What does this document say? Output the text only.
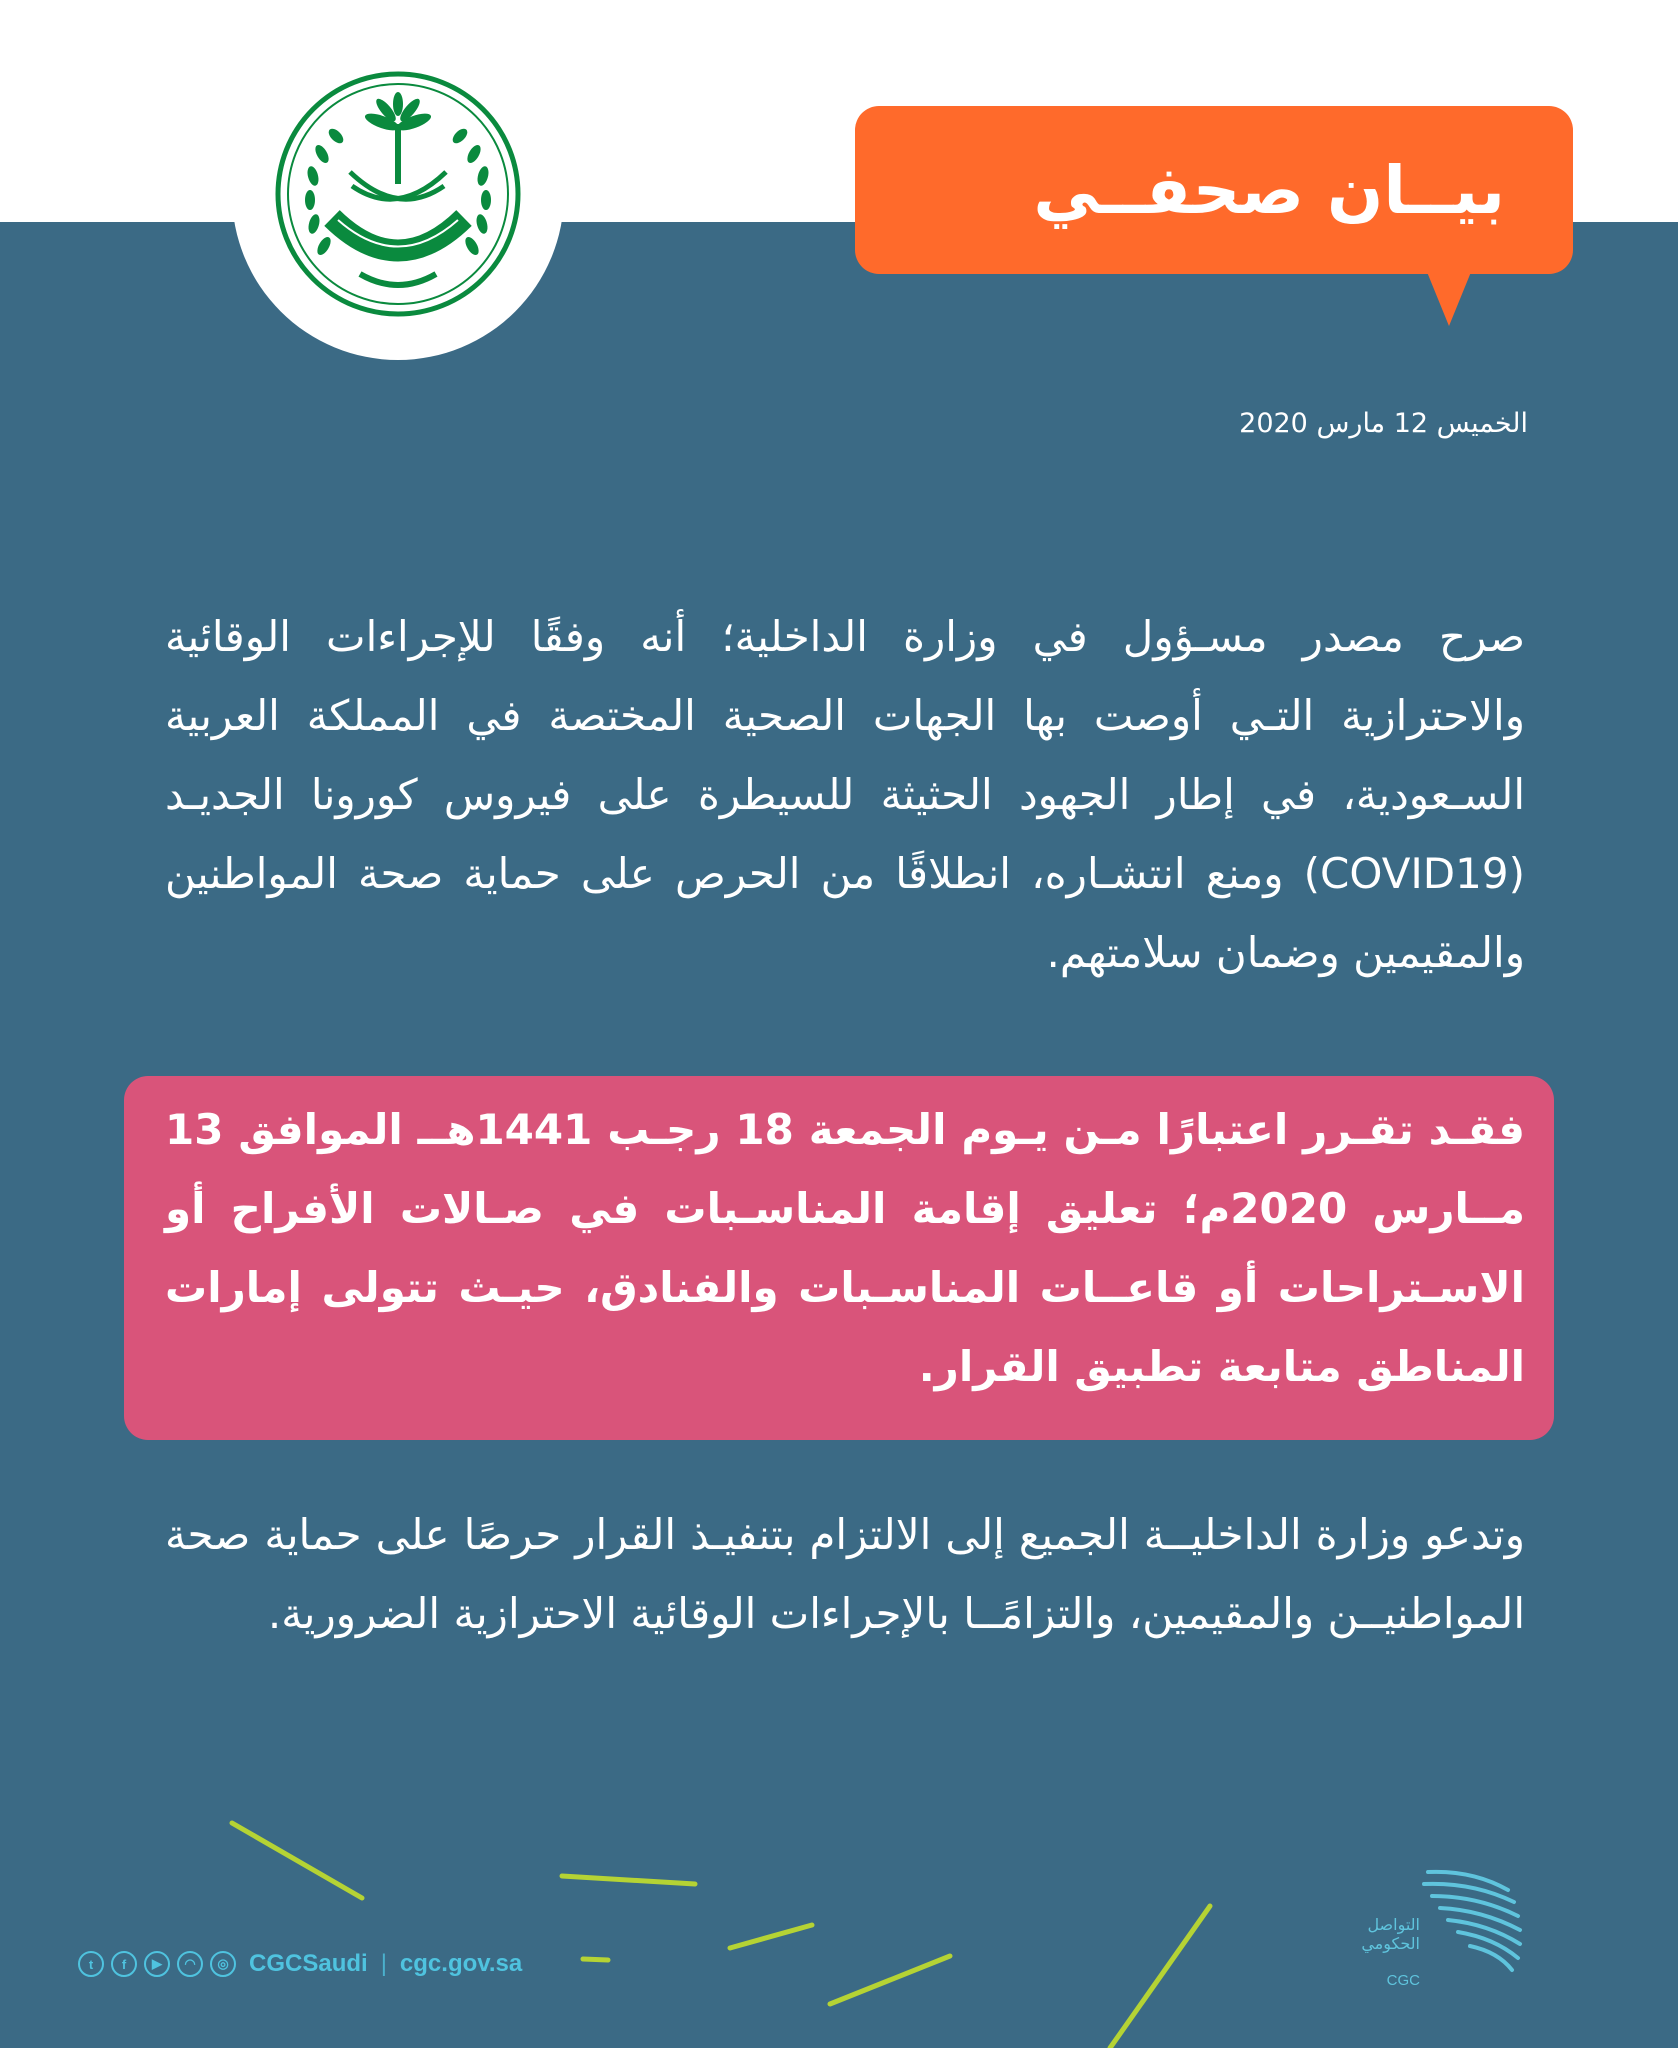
بيــان صحفــي
الخميس 12 مارس 2020

صرح مصدر مسـؤول في وزارة الداخلية؛ أنه وفقًا للإجراءات الوقائية والاحترازية التـي أوصت بها الجهات الصحية المختصة في المملكة العربية السـعودية، في إطار الجهود الحثيثة للسيطرة على فيروس كورونا الجديـد (COVID19) ومنع انتشـاره، انطلاقًا من الحرص على حماية صحة المواطنين والمقيمين وضمان سلامتهم.

فقـد تقـرر اعتبارًا مـن يـوم الجمعة 18 رجـب 1441هــ الموافق 13 مــارس 2020م؛ تعليق إقامة المناسـبات في صـالات الأفراح أو الاسـتراحات أو قاعــات المناسـبات والفنادق، حيـث تتولى إمارات المناطق متابعة تطبيق القرار.

وتدعو وزارة الداخليــة الجميع إلى الالتزام بتنفيـذ القرار حرصًا على حماية صحة المواطنيــن والمقيمين، والتزامًــا بالإجراءات الوقائية الاحترازية الضرورية.

t	f	▶	◠	◎ CGCSaudi | cgc.gov.sa
التواصل الحكومي
CGC
